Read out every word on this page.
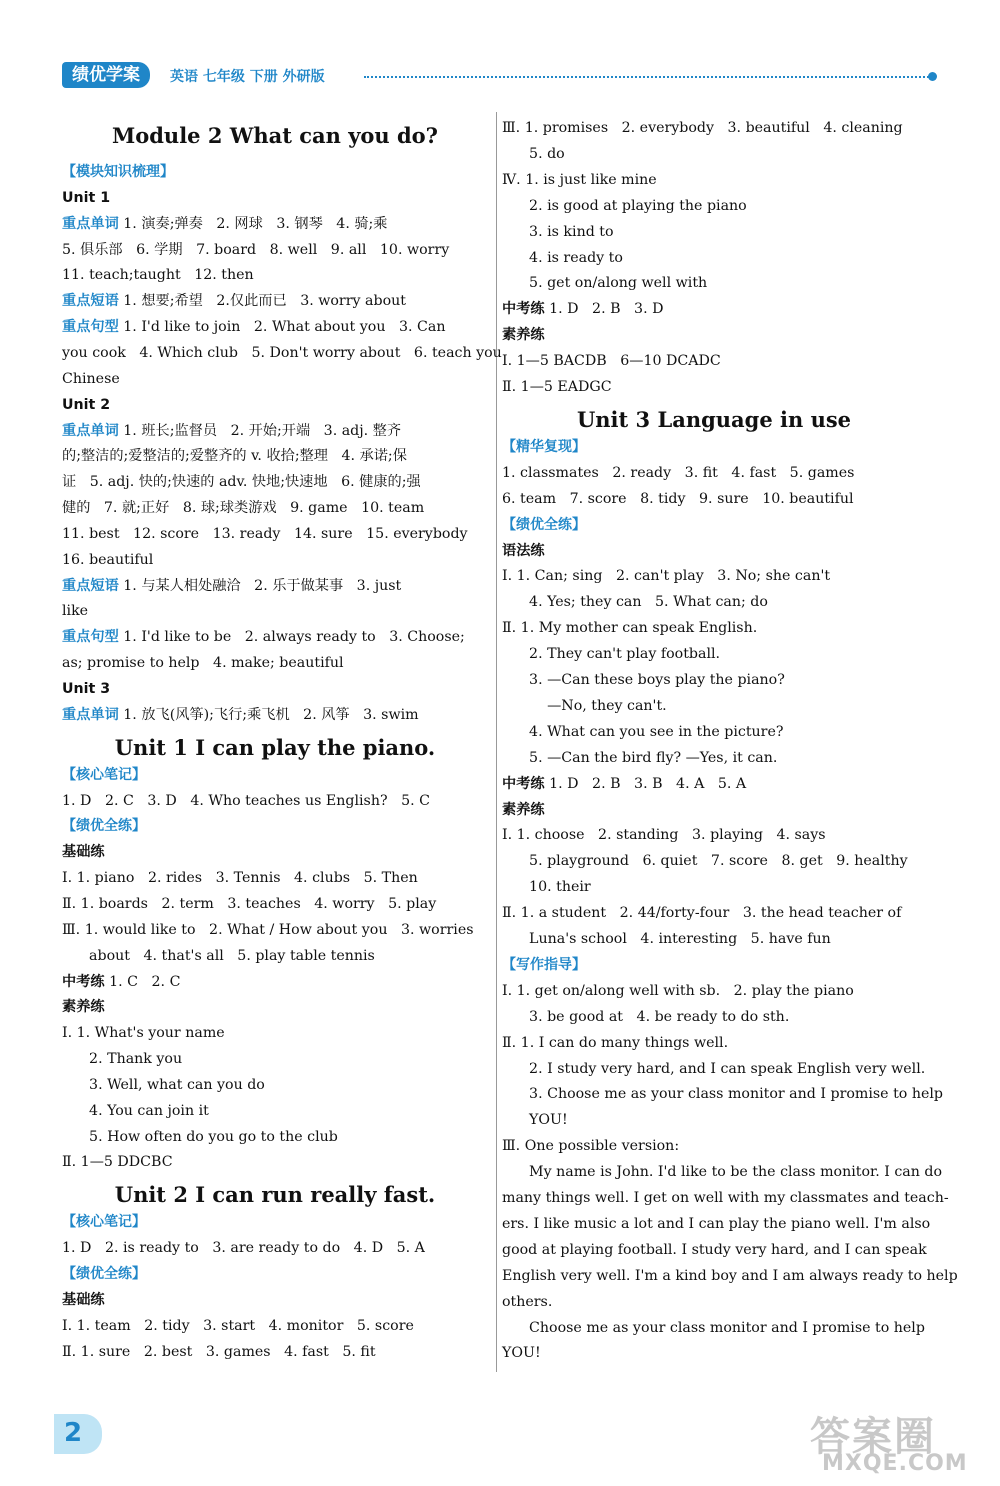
绩优学案	英语 七年级 下册 外研版
Module 2 What can you do?
【模块知识梳理】
Unit 1
重点单词 1. 演奏;弹奏   2. 网球   3. 钢琴   4. 骑;乘
5. 俱乐部   6. 学期   7. board   8. well   9. all   10. worry
11. teach;taught   12. then
重点短语 1. 想要;希望   2.仅此而已   3. worry about
重点句型 1. I'd like to join   2. What about you   3. Can
you cook   4. Which club   5. Don't worry about   6. teach you
Chinese
Unit 2
重点单词 1. 班长;监督员   2. 开始;开端   3. adj. 整齐
的;整洁的;爱整洁的;爱整齐的 v. 收拾;整理   4. 承诺;保
证   5. adj. 快的;快速的 adv. 快地;快速地   6. 健康的;强
健的   7. 就;正好   8. 球;球类游戏   9. game   10. team
11. best   12. score   13. ready   14. sure   15. everybody
16. beautiful
重点短语 1. 与某人相处融洽   2. 乐于做某事   3. just
like
重点句型 1. I'd like to be   2. always ready to   3. Choose;
as; promise to help   4. make; beautiful
Unit 3
重点单词 1. 放飞(风筝);飞行;乘飞机   2. 风筝   3. swim
Unit 1 I can play the piano.
【核心笔记】
1. D   2. C   3. D   4. Who teaches us English?   5. C
【绩优全练】
基础练
Ⅰ. 1. piano   2. rides   3. Tennis   4. clubs   5. Then
Ⅱ. 1. boards   2. term   3. teaches   4. worry   5. play
Ⅲ. 1. would like to   2. What / How about you   3. worries
about   4. that's all   5. play table tennis
中考练 1. C   2. C
素养练
Ⅰ. 1. What's your name
2. Thank you
3. Well, what can you do
4. You can join it
5. How often do you go to the club
Ⅱ. 1—5 DDCBC
Unit 2 I can run really fast.
【核心笔记】
1. D   2. is ready to   3. are ready to do   4. D   5. A
【绩优全练】
基础练
Ⅰ. 1. team   2. tidy   3. start   4. monitor   5. score
Ⅱ. 1. sure   2. best   3. games   4. fast   5. fit
Ⅲ. 1. promises   2. everybody   3. beautiful   4. cleaning
5. do
Ⅳ. 1. is just like mine
2. is good at playing the piano
3. is kind to
4. is ready to
5. get on/along well with
中考练 1. D   2. B   3. D
素养练
Ⅰ. 1—5 BACDB   6—10 DCADC
Ⅱ. 1—5 EADGC
Unit 3 Language in use
【精华复现】
1. classmates   2. ready   3. fit   4. fast   5. games
6. team   7. score   8. tidy   9. sure   10. beautiful
【绩优全练】
语法练
Ⅰ. 1. Can; sing   2. can't play   3. No; she can't
4. Yes; they can   5. What can; do
Ⅱ. 1. My mother can speak English.
2. They can't play football.
3. —Can these boys play the piano?
—No, they can't.
4. What can you see in the picture?
5. —Can the bird fly? —Yes, it can.
中考练 1. D   2. B   3. B   4. A   5. A
素养练
Ⅰ. 1. choose   2. standing   3. playing   4. says
5. playground   6. quiet   7. score   8. get   9. healthy
10. their
Ⅱ. 1. a student   2. 44/forty-four   3. the head teacher of
Luna's school   4. interesting   5. have fun
【写作指导】
Ⅰ. 1. get on/along well with sb.   2. play the piano
3. be good at   4. be ready to do sth.
Ⅱ. 1. I can do many things well.
2. I study very hard, and I can speak English very well.
3. Choose me as your class monitor and I promise to help
YOU!
Ⅲ. One possible version:
My name is John. I'd like to be the class monitor. I can do
many things well. I get on well with my classmates and teach-
ers. I like music a lot and I can play the piano well. I'm also
good at playing football. I study very hard, and I can speak
English very well. I'm a kind boy and I am always ready to help
others.
Choose me as your class monitor and I promise to help
YOU!
2	答案圈
MXQE.COM
